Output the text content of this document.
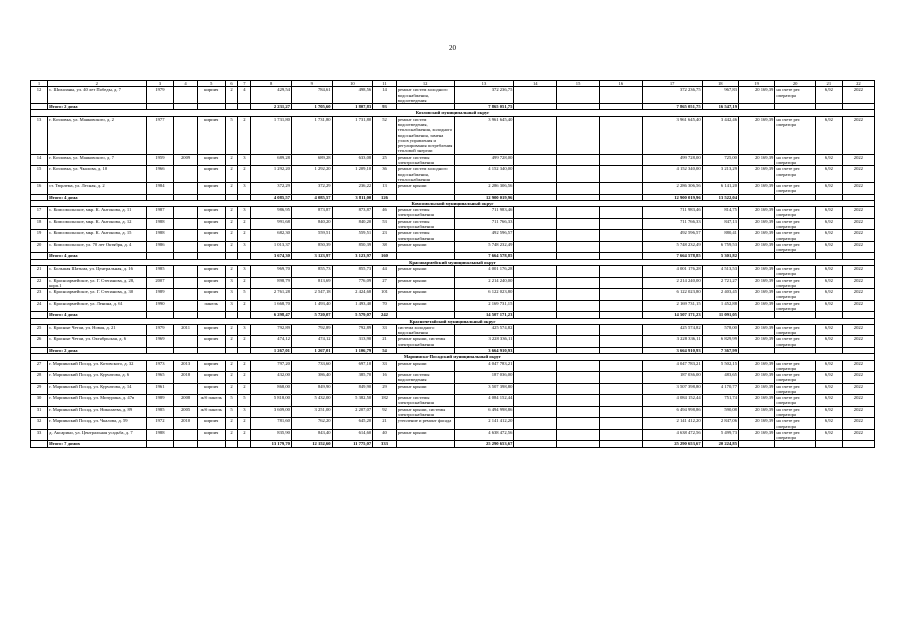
20
1	2	3	4	5	6	7	8	9	10	11	12	13	14	15	16	17	18	19	20	21	22
12	с. Шихазаны, ул. 40 лет Победы, д. 7	1979		кирпич	2	4	429,54	784,61	498,56	14	ремонт систем холодного водоснабжения, водоотведения	372 236,75				372 236,75	967,83	20 169,39	на счете рег. оператора	6,92	2022
	Итого: 2 дома						2 231,27	1 705,60	1 807,83	93		7 865 051,75				7 865 051,75	16 547,19				
Козловский муниципальный округ																					
13	г. Козловка, ул. Маяковского, д. 2	1977		кирпич	5	2	1 731,80	1 731,80	1 731,80	52	ремонт систем водоотведения, теплоснабжения, холодного водоснабжения, замена узлов управления и регулирования потребления тепловой энергии	3 961 645,40				3 961 645,40	3 442,46	20 169,39	на счете рег. оператора	6,92	2022
14	г. Козловка, ул. Маяковского, д. 7	1959	2009	кирпич	2	3	689,28	689,28	633,08	25	ремонт системы электроснабжения	499 728,00				499 728,00	725,00	20 169,39	на счете рег. оператора	6,92	2022
15	г. Козловка, ул. Чкалова, д. 10	1966		кирпич	2	2	1 292,20	1 292,20	1 209,10	36	ремонт систем холодного водоснабжения, теплоснабжения	4 152 340,00				4 152 340,00	3 213,29	20 169,39	на счете рег. оператора	6,92	2022
16	ст. Тюрлема, ул. Лесная, д. 2	1984		кирпич	2	3	372,29	372,29	236,22	13	ремонт крыши	2 286 306,56				2 286 306,56	6 141,20	20 169,39	на счете рег. оператора	6,92	2022
	Итого: 4 дома						4 085,57	4 085,57	3 811,00	126		12 900 019,96				12 900 019,96	13 522,04				
Комсомольский муниципальный округ																					
17	с. Комсомольское, мкр. К. Антонова, д. 11	1987		кирпич	2	3	986,95	873,87	873,87	46	ремонт системы электроснабжения	711 983,46				711 983,46	814,75	20 169,39	на счете рег. оператора	6,92	2022
18	с. Комсомольское, мкр. К. Антонова, д. 12	1988		кирпич	2	2	991,68	840,20	840,20	53	ремонт системы электроснабжения	711 766,33				711 766,33	847,13	20 169,39	на счете рег. оператора	6,92	2022
19	с. Комсомольское, мкр. К. Антонова, д. 15	1988		кирпич	2	2	682,30	559,51	559,51	23	ремонт системы электроснабжения	492 596,57				492 596,57	880,41	20 169,39	на счете рег. оператора	6,92	2022
20	с. Комсомольское, ул. 70 лет Октября, д. 4	1986		кирпич	2	3	1 013,37	850,39	850,39	38	ремонт крыши	5 748 232,49				5 748 232,49	6 759,53	20 169,39	на счете рег. оператора	6,92	2022
	Итого: 4 дома						3 674,30	3 123,97	3 123,97	160		7 664 578,85				7 664 578,85	5 301,82				
Красноармейский муниципальный округ																					
21	с. Большая Шатьма, ул. Центральная, д. 16	1985		кирпич	2	3	969,70	855,73	855,73	44	ремонт крыши	4 001 176,28				4 001 176,28	4 513,53	20 169,39	на счете рег. оператора	6,92	2022
22	с. Красноармейское, ул. Г. Степанова, д. 28, корп.1	2007		кирпич	3	2	898,79	813,69	776,09	27	ремонт крыши	2 214 240,00				2 214 240,00	2 721,27	20 169,39	на счете рег. оператора	6,92	2022
23	с. Красноармейское, ул. Г. Степанова, д. 30	1989		кирпич	3	5	2 761,28	2 547,18	2 424,68	101	ремонт крыши	6 122 023,80				6 122 023,80	2 403,45	20 169,39	на счете рег. оператора	6,92	2022
24	с. Красноармейское, ул. Ленина, д. 61	1990		панель	3	2	1 668,70	1 493,40	1 493,40	70	ремонт крыши	2 169 731,15				2 169 731,15	1 452,88	20 169,39	на счете рег. оператора	6,92	2022
	Итого: 4 дома						6 298,47	5 720,07	5 579,07	242		14 507 171,23				14 507 171,23	11 091,05				
Красночетайский муниципальный округ																					
25	с. Красные Четаи, ул. Новая, д. 21	1979	2011	кирпич	2	3	792,89	792,89	792,89	33	система холодного водоснабжения	425 574,82				425 574,82	578,00	20 169,39	на счете рег. оператора	6,92	2022
26	с. Красные Четаи, ул. Октябрьская, д. 6	1969		кирпич	2	2	474,12	474,12	313,90	21	ремонт крыши, системы электроснабжения	3 228 336,11				3 228 336,11	6 829,99	20 169,39	на счете рег. оператора	6,92	2022
	Итого: 2 дома						1 267,01	1 267,01	1 106,79	54		3 664 910,93				3 664 910,93	7 367,99				
Мариинско-Посадский муниципальный округ																					
27	г. Мариинский Посад, ул. Котовского, д. 32	1973	2013	кирпич	2	2	797,20	733,60	697,10	33	ремонт крыши	4 047 783,21				4 047 783,21	5 502,15	20 169,39	на счете рег. оператора	6,92	2022
28	г. Мариинский Посад, ул. Курчатова, д. 6	1965	2018	кирпич	2	2	432,00	386,40	385,70	16	ремонт системы водоотведения	187 036,00				187 036,00	483,65	20 169,39	на счете рег. оператора	6,92	2022
29	г. Мариинский Посад, ул. Курчатова, д. 14	1961		кирпич	2	2	868,00	849,90	849,90	29	ремонт крыши	3 507 398,80				3 507 398,80	4 170,77	20 169,39	на счете рег. оператора	6,92	2022
30	г. Мариинский Посад, ул. Мичурина, д. 47в	1989	2008	ж/б панель	5	5	5 818,00	5 432,00	5 382,50	182	ремонт системы электроснабжения	4 084 152,44				4 084 152,44	751,74	20 169,39	на счете рег. оператора	6,92	2022
31	г. Мариинский Посад, ул. Николаева, д. 89	1985	2005	ж/б панель	5	3	3 609,00	3 251,00	2 207,07	92	ремонт крыши, системы электроснабжения	6 494 998,86				6 494 998,86	590,08	20 169,39	на счете рег. оператора	6,92	2022
32	г. Мариинский Посад, ул. Чкалова, д. 59	1972	2010	кирпич	2	2	781,60	762,20	645,20	21	утепление и ремонт фасада	2 141 412,20				2 141 412,20	2 847,06	20 169,39	на счете рег. оператора	6,92	2022
33	д. Аксарино, ул. Центральная усадьба, д. 7	1988		кирпич	2	2	835,90	843,40	614,60	40	ремонт крыши	4 638 472,56				4 638 472,56	5 499,73	20 169,39	на счете рег. оператора	6,92	2022
	Итого: 7 домов						13 179,70	12 152,60	11 775,07	333		25 290 653,67				25 290 653,67	20 224,85				
